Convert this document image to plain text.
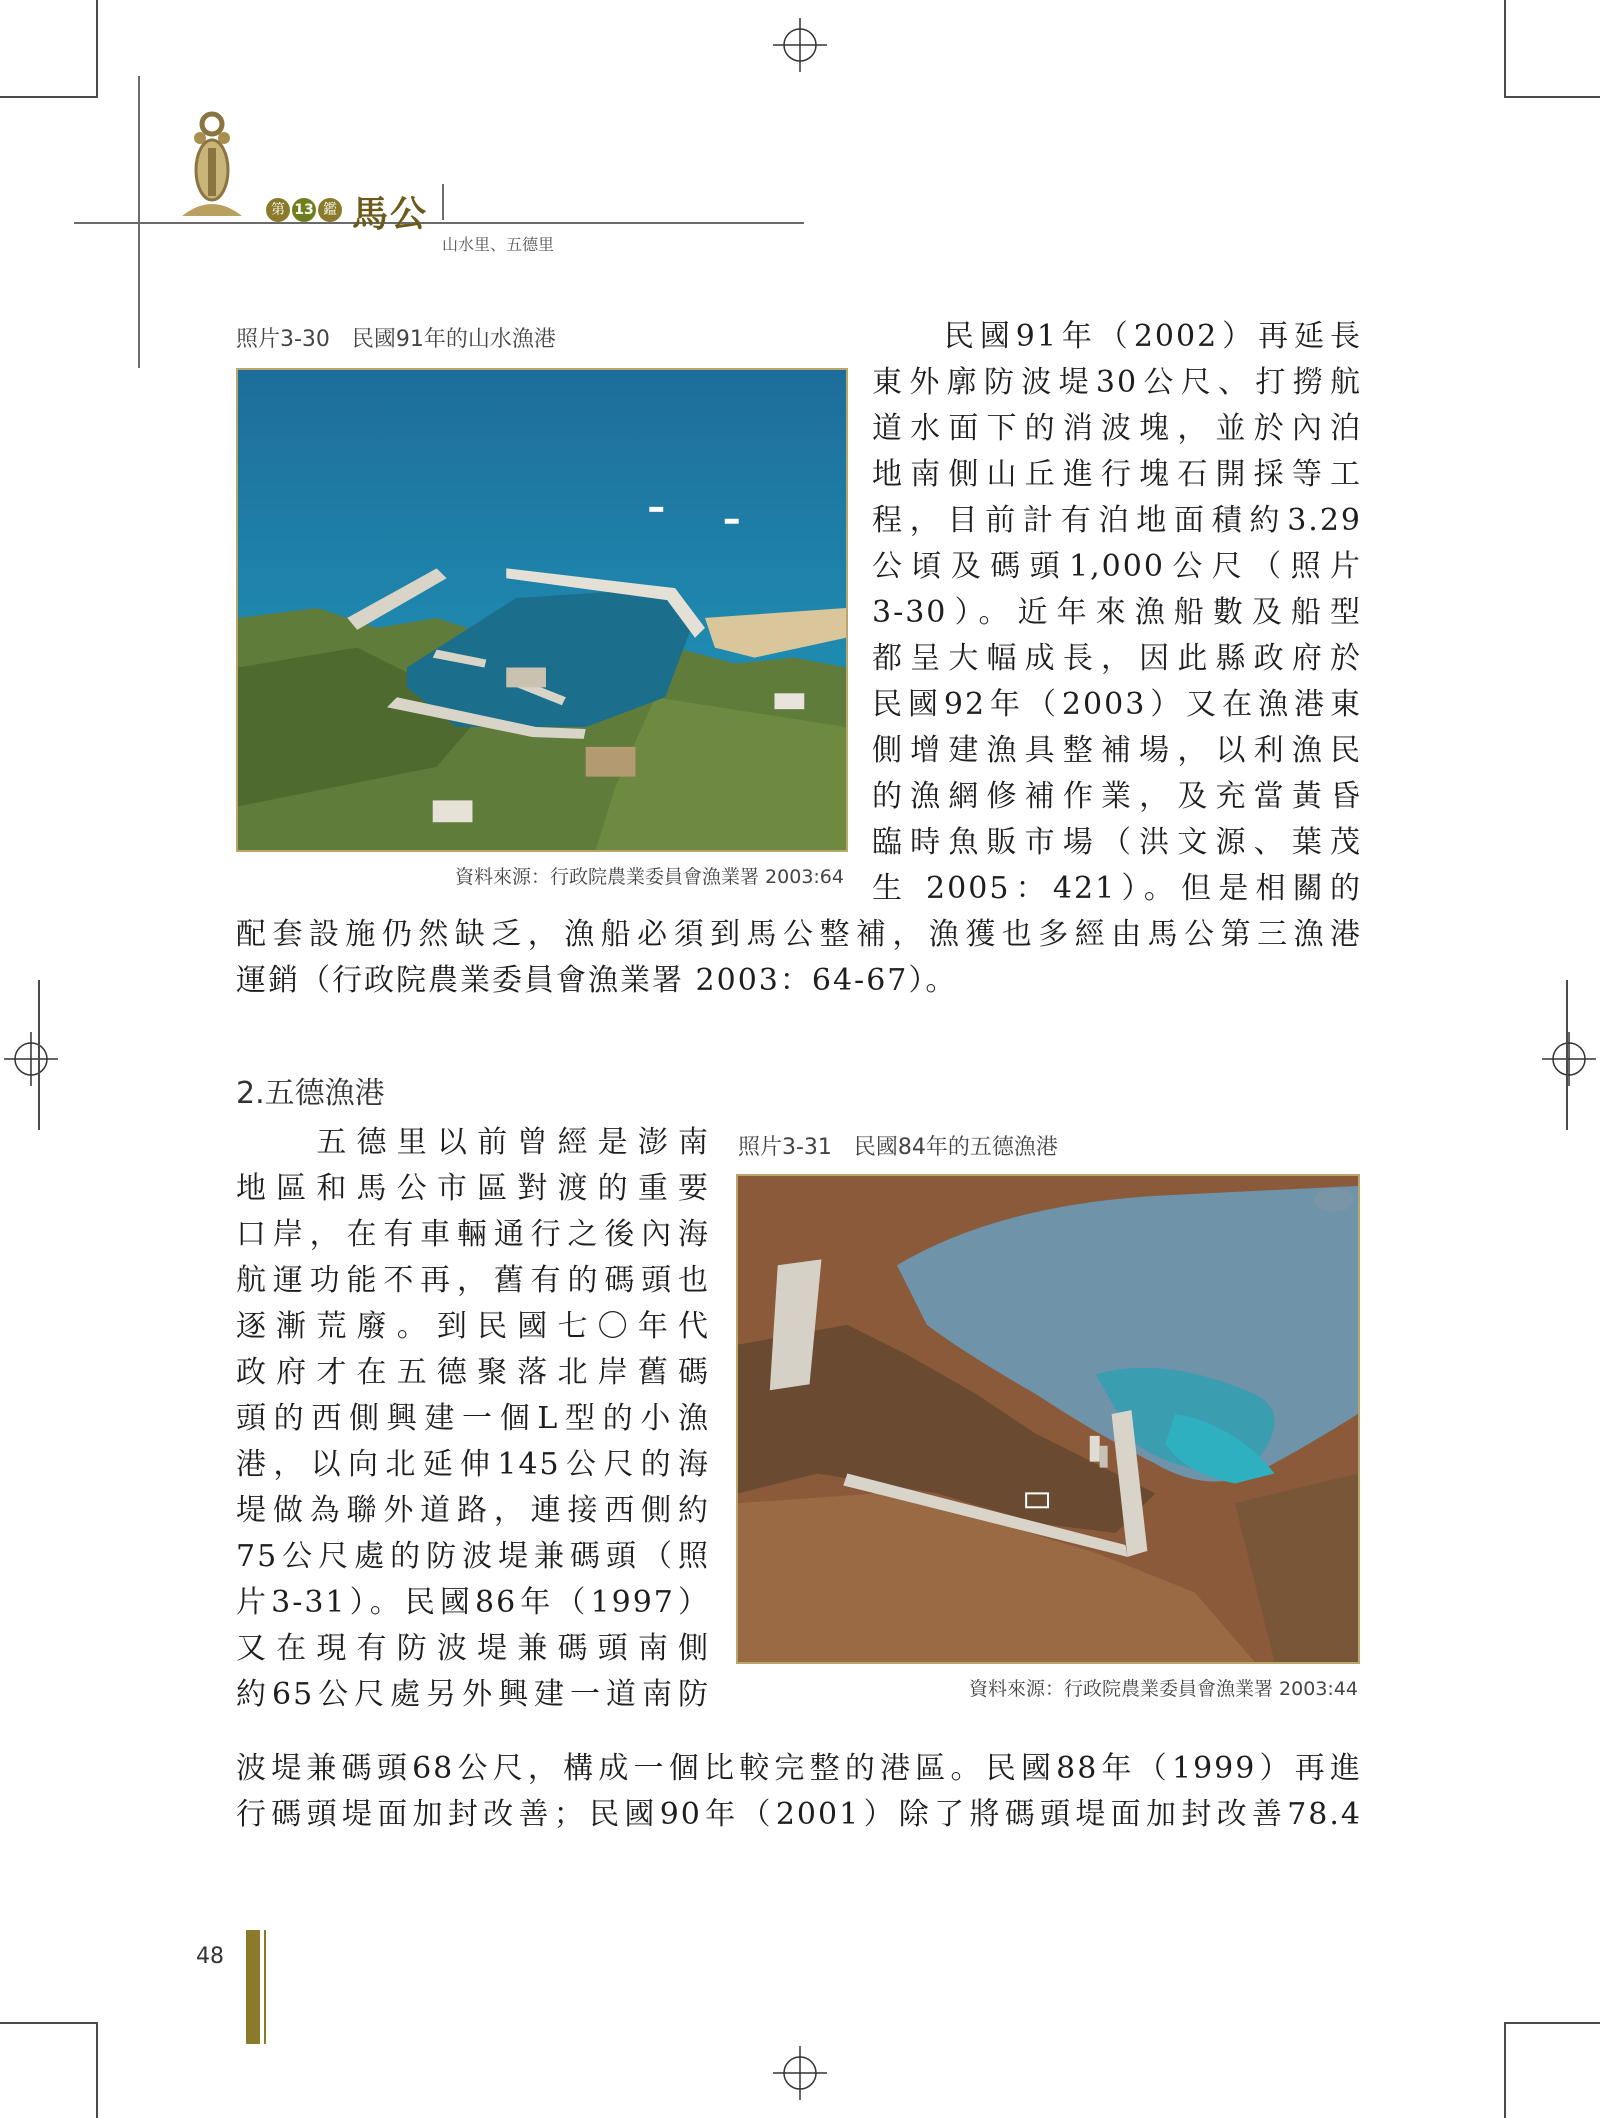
第 13 鑑 馬公
山水里、五德里
照片3-30　民國91年的山水漁港
資料來源：行政院農業委員會漁業署 2003:64

　　民國91年（2002）再延長
東外廓防波堤30公尺、打撈航
道水面下的消波塊，並於內泊
地南側山丘進行塊石開採等工
程，目前計有泊地面積約3.29
公頃及碼頭1,000公尺（照片
3-30）。近年來漁船數及船型
都呈大幅成長，因此縣政府於
民國92年（2003）又在漁港東
側增建漁具整補場，以利漁民
的漁網修補作業，及充當黃昏
臨時魚販市場（洪文源、葉茂
生 2005：421）。但是相關的

配套設施仍然缺乏，漁船必須到馬公整補，漁獲也多經由馬公第三漁港
運銷（行政院農業委員會漁業署 2003：64-67）。

2.五德漁港

　　五德里以前曾經是澎南
地區和馬公市區對渡的重要
口岸，在有車輛通行之後內海
航運功能不再，舊有的碼頭也
逐漸荒廢。到民國七〇年代
政府才在五德聚落北岸舊碼
頭的西側興建一個L型的小漁
港，以向北延伸145公尺的海
堤做為聯外道路，連接西側約
75公尺處的防波堤兼碼頭（照
片3-31）。民國86年（1997）
又在現有防波堤兼碼頭南側
約65公尺處另外興建一道南防

照片3-31　民國84年的五德漁港
資料來源：行政院農業委員會漁業署 2003:44

波堤兼碼頭68公尺，構成一個比較完整的港區。民國88年（1999）再進
行碼頭堤面加封改善；民國90年（2001）除了將碼頭堤面加封改善78.4

48
